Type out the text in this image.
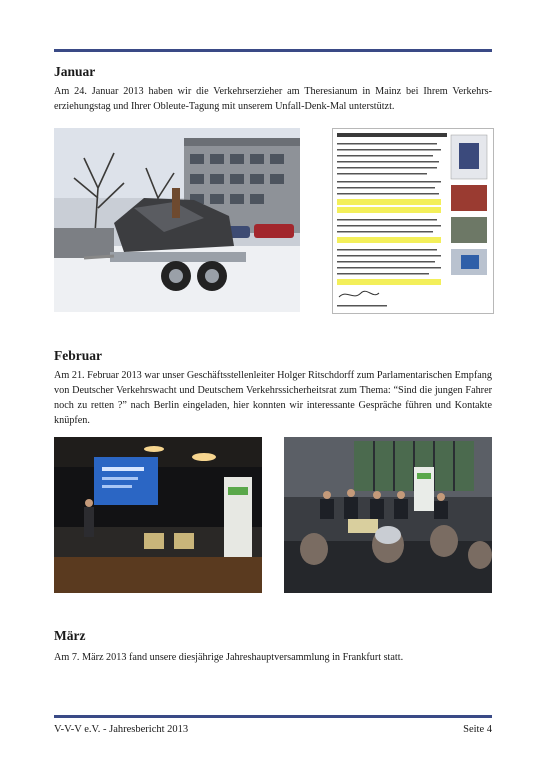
Januar
Am 24. Januar 2013 haben wir die Verkehrserzieher am Theresianum in Mainz bei Ihrem Verkehrs-erziehungstag und Ihrer Obleute-Tagung mit unserem Unfall-Denk-Mal unterstützt.
Februar
Am 21. Februar 2013 war unser Geschäftsstellenleiter Holger Ritschdorff zum Parlamentarischen Empfang von Deutscher Verkehrswacht und Deutschem Verkehrssicherheitsrat zum Thema: “Sind die jungen Fahrer noch zu retten ?” nach Berlin eingeladen, hier konnten wir interessante Gespräche führen und Kontakte knüpfen.
März
Am 7. März 2013 fand unsere diesjährige Jahreshauptversammlung in Frankfurt statt.
V-V-V e.V. - Jahresbericht 2013	Seite 4
